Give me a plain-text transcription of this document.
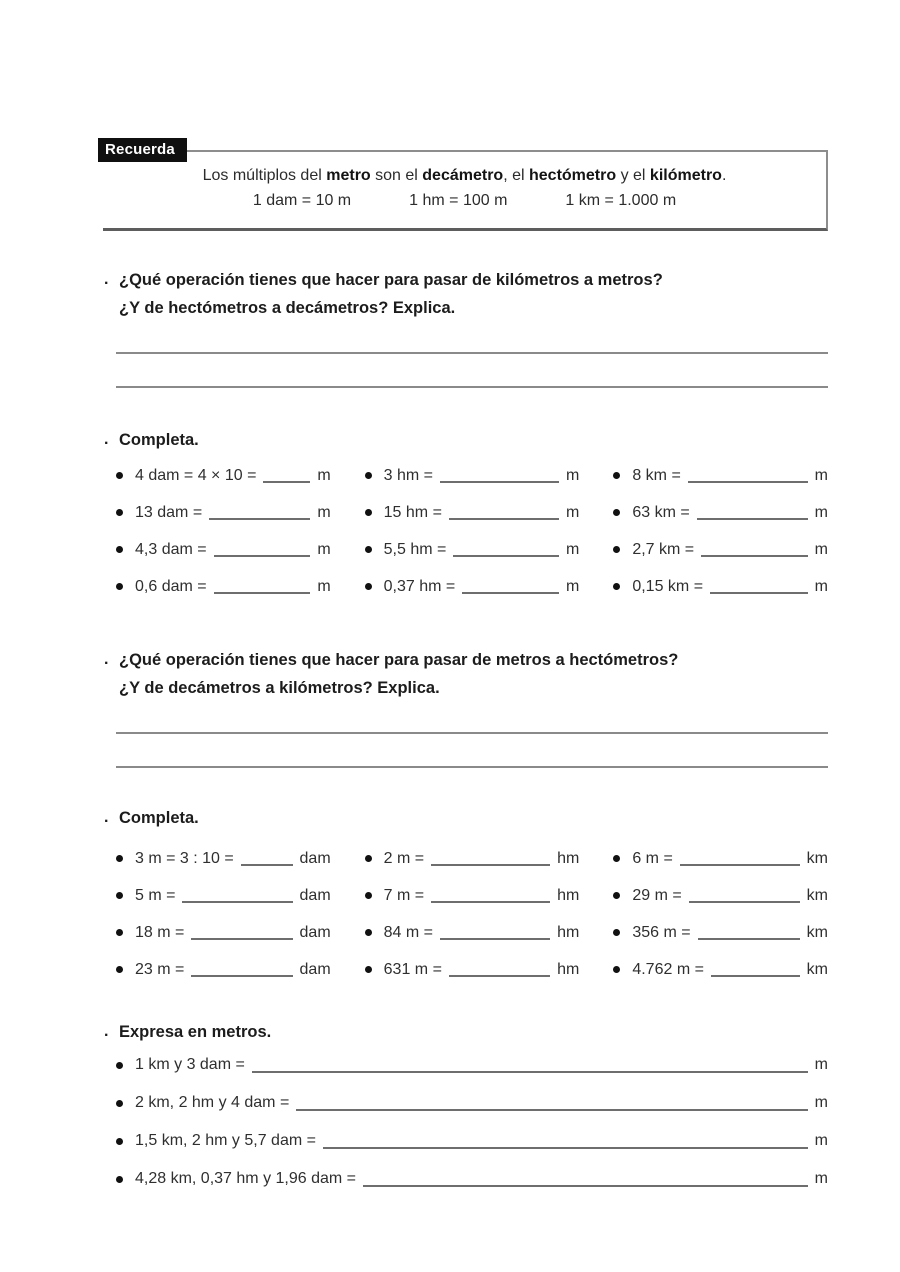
Recuerda

Los múltiplos del metro son el decámetro, el hectómetro y el kilómetro.

1 dam = 10 m	1 hm = 100 m	1 km = 1.000 m
. ¿Qué operación tienes que hacer para pasar de kilómetros a metros?
¿Y de hectómetros a decámetros? Explica.
. Completa.
4 dam = 4 × 10 =	m
13 dam =	m
4,3 dam =	m
0,6 dam =	m
3 hm =	m
15 hm =	m
5,5 hm =	m
0,37 hm =	m
8 km =	m
63 km =	m
2,7 km =	m
0,15 km =	m
. ¿Qué operación tienes que hacer para pasar de metros a hectómetros?
¿Y de decámetros a kilómetros? Explica.
. Completa.
3 m = 3 : 10 =	dam
5 m =	dam
18 m =	dam
23 m =	dam
2 m =	hm
7 m =	hm
84 m =	hm
631 m =	hm
6 m =	km
29 m =	km
356 m =	km
4.762 m =	km
. Expresa en metros.
1 km y 3 dam =	m
2 km, 2 hm y 4 dam =	m
1,5 km, 2 hm y 5,7 dam =	m
4,28 km, 0,37 hm y 1,96 dam =	m
